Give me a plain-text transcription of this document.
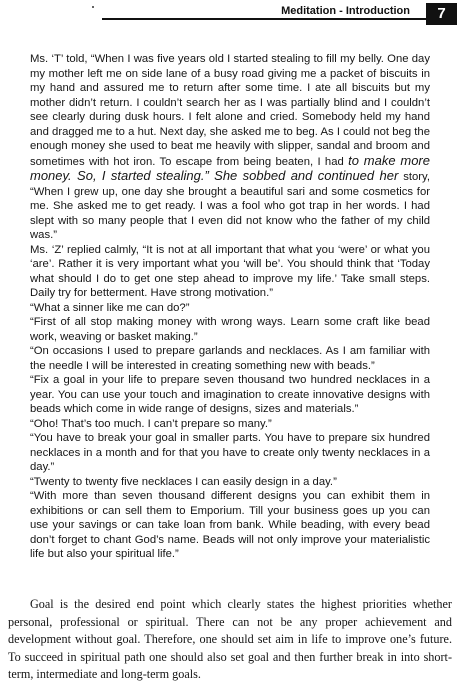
Meditation - Introduction	7

Ms. ‘T’ told, “When I was five years old I started stealing to fill my belly. One day my mother left me on side lane of a busy road giving me a packet of biscuits in my hand and assured me to return after some time. I ate all biscuits but my mother didn’t return. I couldn’t search her as I was partially blind and I couldn’t see clearly during dusk hours. I felt alone and cried. Somebody held my hand and dragged me to a hut. Next day, she asked me to beg. As I could not beg the enough money she used to beat me heavily with slipper, sandal and broom and sometimes with hot iron. To escape from being beaten, I had to make more money. So, I started stealing.” She sobbed and continued her story, “When I grew up, one day she brought a beautiful sari and some cosmetics for me. She asked me to get ready. I was a fool who got trap in her words. I had slept with so many people that I even did not know who the father of my child was.”

Ms. ‘Z’ replied calmly, “It is not at all important that what you ‘were’ or what you ‘are’. Rather it is very important what you ‘will be’. You should think that ‘Today what should I do to get one step ahead to improve my life.’ Take small steps. Daily try for betterment. Have strong motivation.”

“What a sinner like me can do?”

“First of all stop making money with wrong ways. Learn some craft like bead work, weaving or basket making.”

“On occasions I used to prepare garlands and necklaces. As I am familiar with the needle I will be interested in creating something new with beads.”

“Fix a goal in your life to prepare seven thousand two hundred necklaces in a year. You can use your touch and imagination to create innovative designs with beads which come in wide range of designs, sizes and materials.”

“Oho! That’s too much. I can’t prepare so many.”

“You have to break your goal in smaller parts. You have to prepare six hundred necklaces in a month and for that you have to create only twenty necklaces in a day.”

“Twenty to twenty five necklaces I can easily design in a day.”

“With more than seven thousand different designs you can exhibit them in exhibitions or can sell them to Emporium. Till your business goes up you can use your savings or can take loan from bank. While beading, with every bead don’t forget to chant God’s name. Beads will not only improve your materialistic life but also your spiritual life.”

Goal is the desired end point which clearly states the highest priorities whether personal, professional or spiritual. There can not be any proper achievement and development without goal. Therefore, one should set aim in life to improve one’s future. To succeed in spiritual path one should also set goal and then further break in into short-term, intermediate and long-term goals.
